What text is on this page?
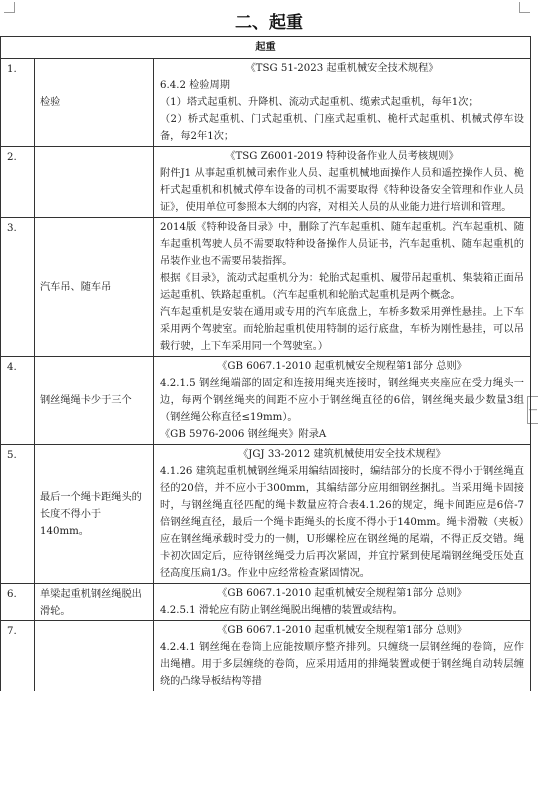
—
二、起重
起重		
1.	检验	《TSG 51-2023 起重机械安全技术规程》
6.4.2 检验周期
（1）塔式起重机、升降机、流动式起重机、缆索式起重机，每年1次；
（2）桥式起重机、门式起重机、门座式起重机、桅杆式起重机、机械式停车设备，每2年1次；

2.		《TSG Z6001-2019 特种设备作业人员考核规则》
附件J1 从事起重机械司索作业人员、起重机械地面操作人员和遥控操作人员、桅杆式起重机和机械式停车设备的司机不需要取得《特种设备安全管理和作业人员证》，使用单位可参照本大纲的内容，对相关人员的从业能力进行培训和管理。

3.	汽车吊、随车吊	2014版《特种设备目录》中，删除了汽车起重机、随车起重机。汽车起重机、随车起重机驾驶人员不需要取特种设备操作人员证书，汽车起重机、随车起重机的吊装作业也不需要吊装指挥。
根据《目录》，流动式起重机分为：轮胎式起重机、履带吊起重机、集装箱正面吊运起重机、铁路起重机。（汽车起重机和轮胎式起重机是两个概念。
汽车起重机是安装在通用或专用的汽车底盘上，车桥多数采用弹性悬挂。上下车采用两个驾驶室。而轮胎起重机使用特制的运行底盘，车桥为刚性悬挂，可以吊载行驶，上下车采用同一个驾驶室。）

4.	钢丝绳绳卡少于三个	《GB 6067.1-2010 起重机械安全规程第1部分 总则》
4.2.1.5 钢丝绳端部的固定和连接用绳夹连接时，钢丝绳夹夹座应在受力绳头一边，每两个钢丝绳夹的间距不应小于钢丝绳直径的6倍，钢丝绳夹最少数量3组（钢丝绳公称直径≤19mm）。
《GB 5976-2006 钢丝绳夹》附录A

5.	最后一个绳卡距绳头的长度不得小于140mm。	《JGJ 33-2012 建筑机械使用安全技术规程》
4.1.26 建筑起重机械钢丝绳采用编结固接时，编结部分的长度不得小于钢丝绳直径的20倍，并不应小于300mm，其编结部分应用细钢丝捆扎。当采用绳卡固接时，与钢丝绳直径匹配的绳卡数量应符合表4.1.26的规定，绳卡间距应是6倍-7倍钢丝绳直径，最后一个绳卡距绳头的长度不得小于140mm。绳卡滑鞍（夹板）应在钢丝绳承载时受力的一侧，U形螺栓应在钢丝绳的尾端，不得正反交错。绳卡初次固定后，应待钢丝绳受力后再次紧固，并宜拧紧到使尾端钢丝绳受压处直径高度压扁1/3。作业中应经常检查紧固情况。

6.	单梁起重机钢丝绳脱出滑轮。	《GB 6067.1-2010 起重机械安全规程第1部分 总则》
4.2.5.1 滑轮应有防止钢丝绳脱出绳槽的装置或结构。

7.		《GB 6067.1-2010 起重机械安全规程第1部分 总则》
4.2.4.1 钢丝绳在卷筒上应能按顺序整齐排列。只缠绕一层钢丝绳的卷筒，应作出绳槽。用于多层缠绕的卷筒，应采用适用的排绳装置或便于钢丝绳自动转层缠绕的凸缘导板结构等措
